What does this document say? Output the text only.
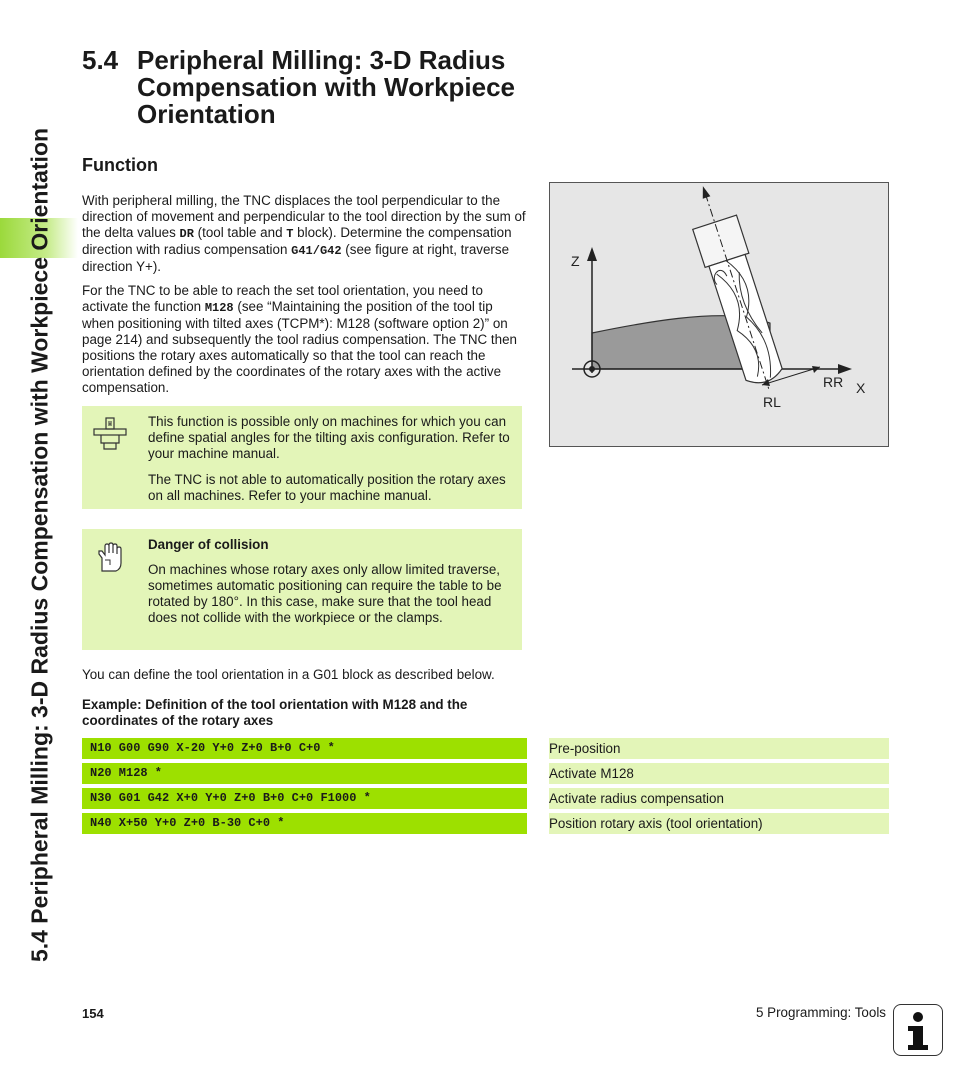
5.4 Peripheral Milling: 3-D Radius Compensation with Workpiece Orientation
5.4 Peripheral Milling: 3-D Radius Compensation with Workpiece Orientation
Function

With peripheral milling, the TNC displaces the tool perpendicular to the direction of movement and perpendicular to the tool direction by the sum of the delta values DR (tool table and T block). Determine the compensation direction with radius compensation G41/G42 (see figure at right, traverse direction Y+).

For the TNC to be able to reach the set tool orientation, you need to activate the function M128 (see “Maintaining the position of the tool tip when positioning with tilted axes (TCPM*): M128 (software option 2)” on page 214) and subsequently the tool radius compensation. The TNC then positions the rotary axes automatically so that the tool can reach the orientation defined by the coordinates of the rotary axes with the active compensation.

This function is possible only on machines for which you can define spatial angles for the tilting axis configuration. Refer to your machine manual.

The TNC is not able to automatically position the rotary axes on all machines. Refer to your machine manual.

Danger of collision

On machines whose rotary axes only allow limited traverse, sometimes automatic positioning can require the table to be rotated by 180°. In this case, make sure that the tool head does not collide with the workpiece or the clamps.

You can define the tool orientation in a G01 block as described below.

Example: Definition of the tool orientation with M128 and the coordinates of the rotary axes
N10 G00 G90 X-20 Y+0 Z+0 B+0 C+0 *	Pre-position
N20 M128 *	Activate M128
N30 G01 G42 X+0 Y+0 Z+0 B+0 C+0 F1000 *	Activate radius compensation
N40 X+50 Y+0 Z+0 B-30 C+0 *	Position rotary axis (tool orientation)
Z
X
RR
RL
154	5 Programming: Tools
